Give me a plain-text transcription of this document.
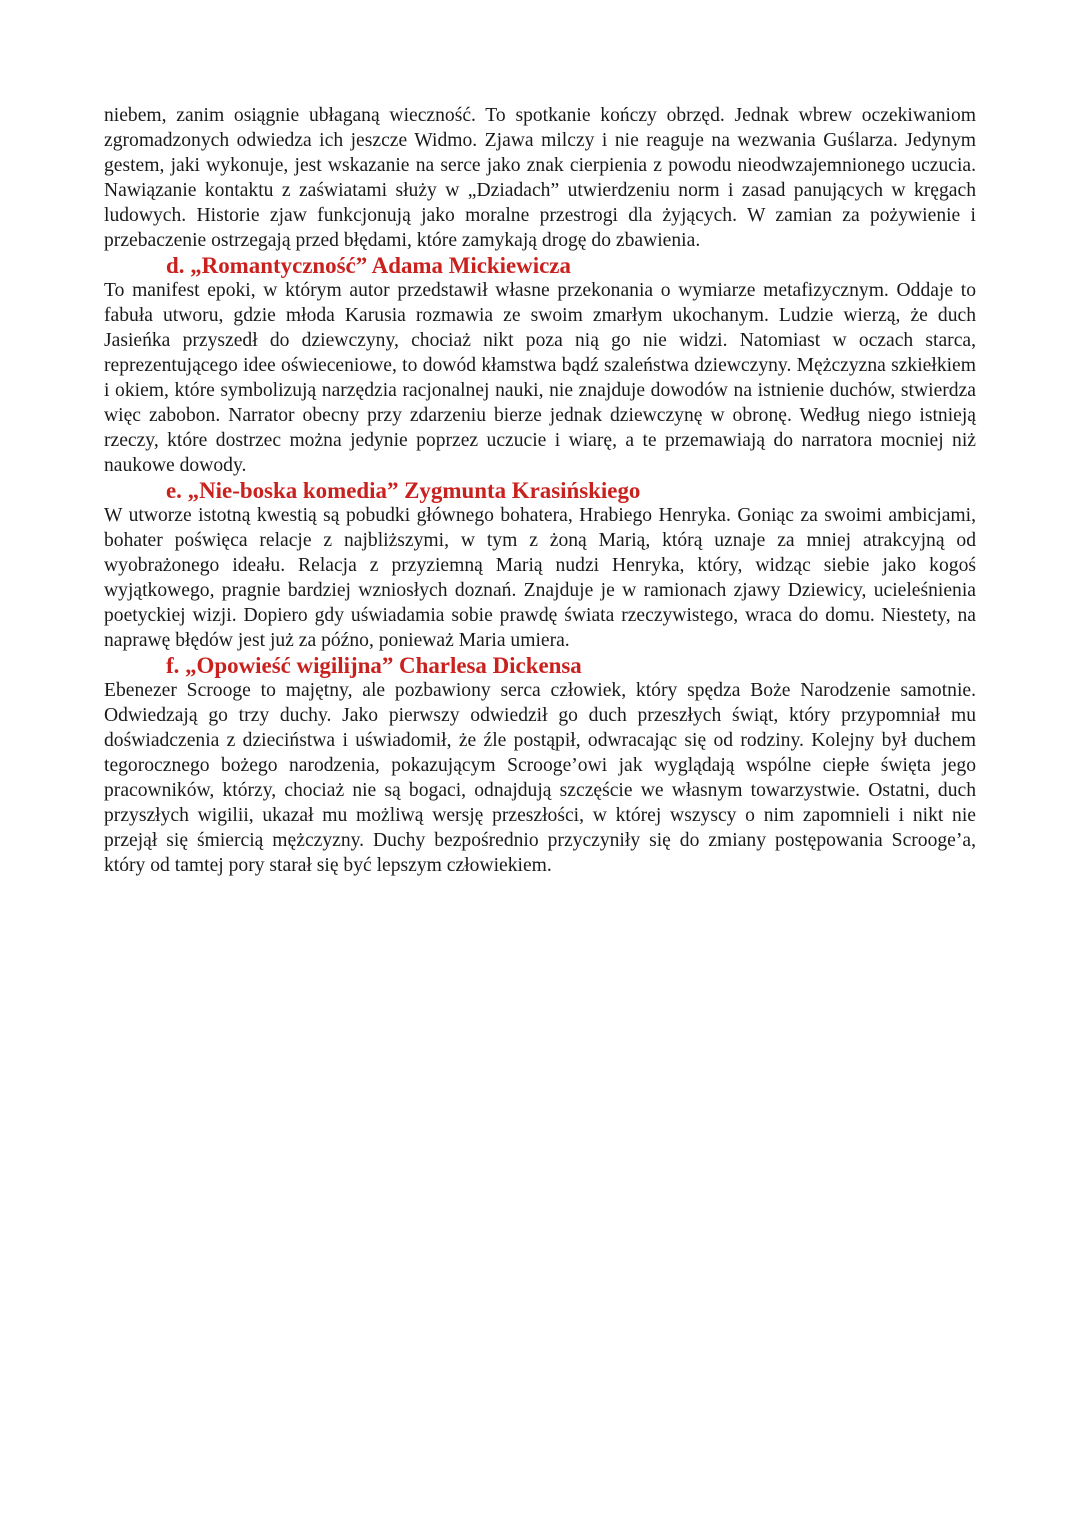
niebem, zanim osiągnie ubłaganą wieczność. To spotkanie kończy obrzęd. Jednak wbrew oczekiwaniom zgromadzonych odwiedza ich jeszcze Widmo. Zjawa milczy i nie reaguje na wezwania Guślarza. Jedynym gestem, jaki wykonuje, jest wskazanie na serce jako znak cierpienia z powodu nieodwzajemnionego uczucia. Nawiązanie kontaktu z zaświatami służy w „Dziadach” utwierdzeniu norm i zasad panujących w kręgach ludowych. Historie zjaw funkcjonują jako moralne przestrogi dla żyjących. W zamian za pożywienie i przebaczenie ostrzegają przed błędami, które zamykają drogę do zbawienia.

d. „Romantyczność” Adama Mickiewicza

To manifest epoki, w którym autor przedstawił własne przekonania o wymiarze metafizycznym. Oddaje to fabuła utworu, gdzie młoda Karusia rozmawia ze swoim zmarłym ukochanym. Ludzie wierzą, że duch Jasieńka przyszedł do dziewczyny, chociaż nikt poza nią go nie widzi. Natomiast w oczach starca, reprezentującego idee oświeceniowe, to dowód kłamstwa bądź szaleństwa dziewczyny. Mężczyzna szkiełkiem i okiem, które symbolizują narzędzia racjonalnej nauki, nie znajduje dowodów na istnienie duchów, stwierdza więc zabobon. Narrator obecny przy zdarzeniu bierze jednak dziewczynę w obronę. Według niego istnieją rzeczy, które dostrzec można jedynie poprzez uczucie i wiarę, a te przemawiają do narratora mocniej niż naukowe dowody.

e. „Nie-boska komedia” Zygmunta Krasińskiego

W utworze istotną kwestią są pobudki głównego bohatera, Hrabiego Henryka. Goniąc za swoimi ambicjami, bohater poświęca relacje z najbliższymi, w tym z żoną Marią, którą uznaje za mniej atrakcyjną od wyobrażonego ideału. Relacja z przyziemną Marią nudzi Henryka, który, widząc siebie jako kogoś wyjątkowego, pragnie bardziej wzniosłych doznań. Znajduje je w ramionach zjawy Dziewicy, ucieleśnienia poetyckiej wizji. Dopiero gdy uświadamia sobie prawdę świata rzeczywistego, wraca do domu. Niestety, na naprawę błędów jest już za późno, ponieważ Maria umiera.

f. „Opowieść wigilijna” Charlesa Dickensa

Ebenezer Scrooge to majętny, ale pozbawiony serca człowiek, który spędza Boże Narodzenie samotnie. Odwiedzają go trzy duchy. Jako pierwszy odwiedził go duch przeszłych świąt, który przypomniał mu doświadczenia z dzieciństwa i uświadomił, że źle postąpił, odwracając się od rodziny. Kolejny był duchem tegorocznego bożego narodzenia, pokazującym Scrooge’owi jak wyglądają wspólne ciepłe święta jego pracowników, którzy, chociaż nie są bogaci, odnajdują szczęście we własnym towarzystwie. Ostatni, duch przyszłych wigilii, ukazał mu możliwą wersję przeszłości, w której wszyscy o nim zapomnieli i nikt nie przejął się śmiercią mężczyzny. Duchy bezpośrednio przyczyniły się do zmiany postępowania Scrooge’a, który od tamtej pory starał się być lepszym człowiekiem.
